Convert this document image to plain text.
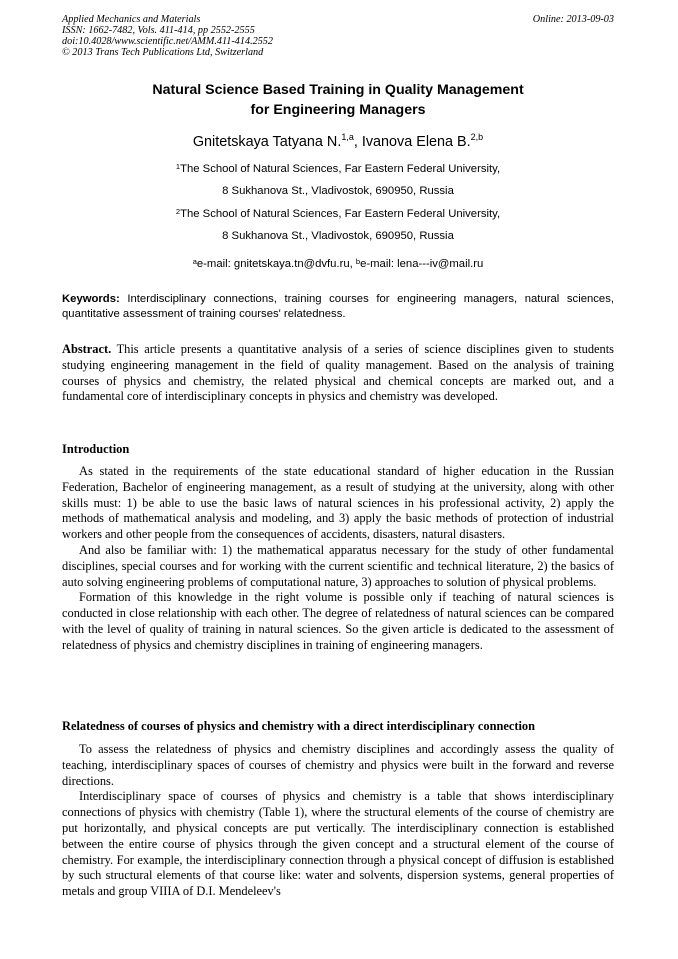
Applied Mechanics and Materials
ISSN: 1662-7482, Vols. 411-414, pp 2552-2555
doi:10.4028/www.scientific.net/AMM.411-414.2552
© 2013 Trans Tech Publications Ltd, Switzerland
Online: 2013-09-03
Natural Science Based Training in Quality Management
for Engineering Managers
Gnitetskaya Tatyana N.$^{1,a}$, Ivanova Elena B.$^{2,b}$
$^1$The School of Natural Sciences, Far Eastern Federal University,
8 Sukhanova St., Vladivostok, 690950, Russia
$^2$The School of Natural Sciences, Far Eastern Federal University,
8 Sukhanova St., Vladivostok, 690950, Russia
$^a$e-mail: gnitetskaya.tn@dvfu.ru, $^b$e-mail: lena---iv@mail.ru
Keywords: Interdisciplinary connections, training courses for engineering managers, natural sciences, quantitative assessment of training courses' relatedness.
Abstract. This article presents a quantitative analysis of a series of science disciplines given to students studying engineering management in the field of quality management. Based on the analysis of training courses of physics and chemistry, the related physical and chemical concepts are marked out, and a fundamental core of interdisciplinary concepts in physics and chemistry was developed.
Introduction
As stated in the requirements of the state educational standard of higher education in the Russian Federation, Bachelor of engineering management, as a result of studying at the university, along with other skills must: 1) be able to use the basic laws of natural sciences in his professional activity, 2) apply the methods of mathematical analysis and modeling, and 3) apply the basic methods of protection of industrial workers and other people from the consequences of accidents, disasters, natural disasters.
And also be familiar with: 1) the mathematical apparatus necessary for the study of other fundamental disciplines, special courses and for working with the current scientific and technical literature, 2) the basics of auto solving engineering problems of computational nature, 3) approaches to solution of physical problems.
Formation of this knowledge in the right volume is possible only if teaching of natural sciences is conducted in close relationship with each other. The degree of relatedness of natural sciences can be compared with the level of quality of training in natural sciences. So the given article is dedicated to the assessment of relatedness of physics and chemistry disciplines in training of engineering managers.
Relatedness of courses of physics and chemistry with a direct interdisciplinary connection
To assess the relatedness of physics and chemistry disciplines and accordingly assess the quality of teaching, interdisciplinary spaces of courses of chemistry and physics were built in the forward and reverse directions.
Interdisciplinary space of courses of physics and chemistry is a table that shows interdisciplinary connections of physics with chemistry (Table 1), where the structural elements of the course of chemistry are put horizontally, and physical concepts are put vertically. The interdisciplinary connection is established between the entire course of physics through the given concept and a structural element of the course of chemistry. For example, the interdisciplinary connection through a physical concept of diffusion is established by such structural elements of that course like: water and solvents, dispersion systems, general properties of metals and group VIIIA of D.I. Mendeleev's
